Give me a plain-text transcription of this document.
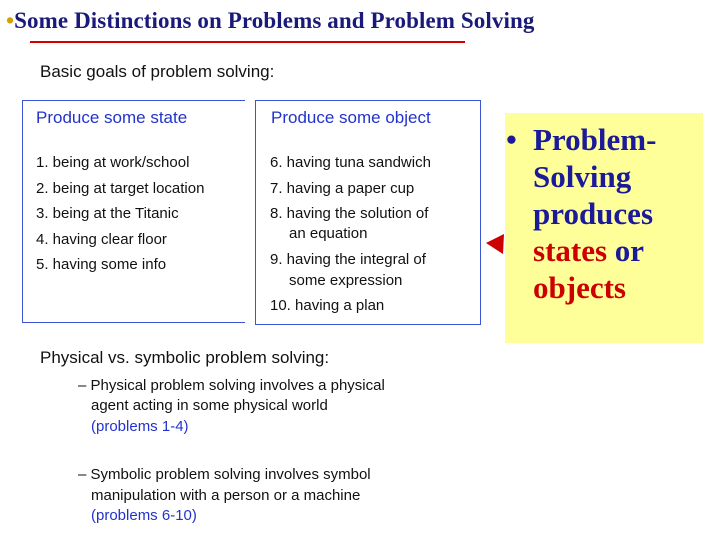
•Some Distinctions on Problems and Problem Solving
Basic goals of problem solving:
Produce some state
1. being at work/school
2. being at target location
3. being at the Titanic
4. having clear floor
5. having some info
Produce some object
6. having tuna sandwich
7. having a paper cup
8. having the solution of
an equation
9. having the integral of
some expression
10. having a plan
• Problem-
Solving
produces
states or
objects
Physical vs. symbolic problem solving:
– Physical problem solving involves a physical
agent acting in some physical world
(problems 1-4)
– Symbolic problem solving involves symbol
manipulation with a person or a machine
(problems 6-10)
